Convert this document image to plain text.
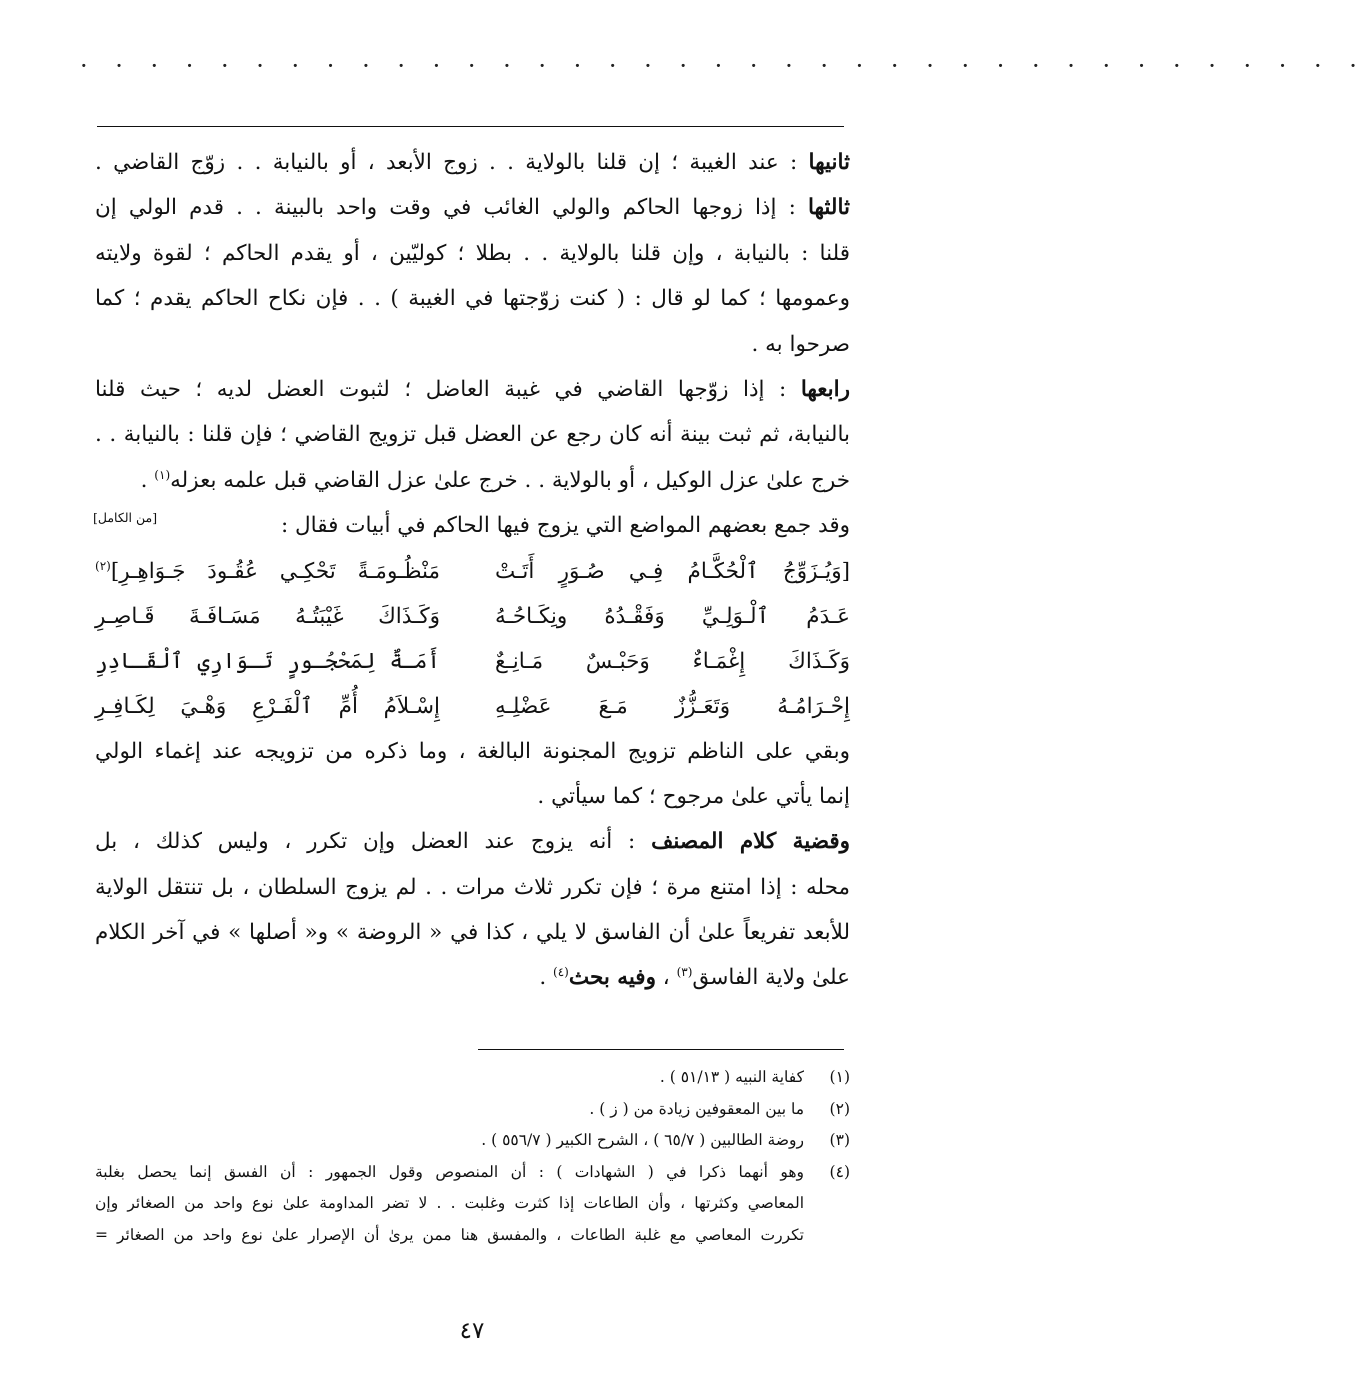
· · · · · · · · · · · · · · · · · · · · · · · · · · · · · · · · · · · · ·
ثانيها : عند الغيبة ؛ إن قلنا بالولاية . . زوج الأبعد ، أو بالنيابة . . زوّج القاضي .
ثالثها : إذا زوجها الحاكم والولي الغائب في وقت واحد بالبينة . . قدم الولي إن
قلنا : بالنيابة ، وإن قلنا بالولاية . . بطلا ؛ كوليّين ، أو يقدم الحاكم ؛ لقوة ولايته
وعمومها ؛ كما لو قال : ( كنت زوّجتها في الغيبة ) . . فإن نكاح الحاكم يقدم ؛ كما
صرحوا به .
رابعها : إذا زوّجها القاضي في غيبة العاضل ؛ لثبوت العضل لديه ؛ حيث قلنا
بالنيابة، ثم ثبت بينة أنه كان رجع عن العضل قبل تزويج القاضي ؛ فإن قلنا : بالنيابة . .
خرج علىٰ عزل الوكيل ، أو بالولاية . . خرج علىٰ عزل القاضي قبل علمه بعزله$^{(١)}$ .
وقد جمع بعضهم المواضع التي يزوج فيها الحاكم في أبيات فقال :
[من الكامل]
[وَيُـزَوِّجُ ٱلْحُكَّـامُ فِـي صُـوَرٍ أَتَـتْ
مَنْظُـومَـةً تَحْكِـي عُقُـودَ جَـوَاهِـرِ]$^{(٢)}$
عَـدَمُ ٱلْـوَلِـيِّ وَفَقْـدُهُ ونِكَـاحُـهُ
وَكَـذَاكَ غَيْبَتُـهُ مَسَـافَـةَ قَـاصِـرِ
وَكَـذَاكَ إِغْمَـاءٌ وَحَبْـسٌ مَـانِـعٌ
أَمَـةٌ لِمَحْجُـورٍ تَـوَارِي ٱلْقَـادِرِ
إِحْـرَامُـهُ وَتَعَـزُّزٌ مَـعَ عَضْلِـهِ
إِسْـلاَمُ أُمِّ ٱلْفَـرْعِ وَهْـيَ لِكَـافِـرِ
وبقي على الناظم تزويج المجنونة البالغة ، وما ذكره من تزويجه عند إغماء الولي
إنما يأتي علىٰ مرجوح ؛ كما سيأتي .
وقضية كلام المصنف : أنه يزوج عند العضل وإن تكرر ، وليس كذلك ، بل
محله : إذا امتنع مرة ؛ فإن تكرر ثلاث مرات . . لم يزوج السلطان ، بل تنتقل الولاية
للأبعد تفريعاً علىٰ أن الفاسق لا يلي ، كذا في « الروضة » و« أصلها » في آخر الكلام
علىٰ ولاية الفاسق$^{(٣)}$ ، وفيه بحث$^{(٤)}$ .
(١)
كفاية النبيه ( ٥١/١٣ ) .
(٢)
ما بين المعقوفين زيادة من ( ز ) .
(٣)
روضة الطالبين ( ٦٥/٧ ) ، الشرح الكبير ( ٥٥٦/٧ ) .
(٤)
وهو أنهما ذكرا في ( الشهادات ) : أن المنصوص وقول الجمهور : أن الفسق إنما يحصل بغلبة
المعاصي وكثرتها ، وأن الطاعات إذا كثرت وغلبت . . لا تضر المداومة علىٰ نوع واحد من الصغائر وإن
تكررت المعاصي مع غلبة الطاعات ، والمفسق هنا ممن يرىٰ أن الإصرار علىٰ نوع واحد من الصغائر
=
٤٧
